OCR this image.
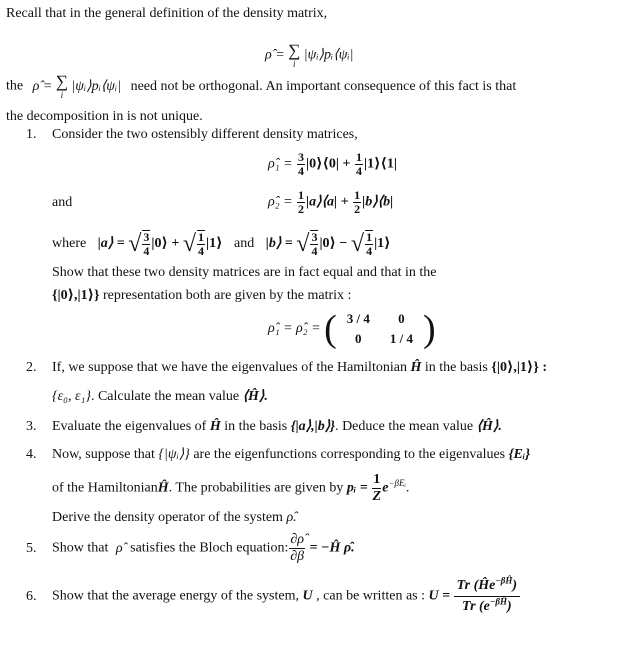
Recall that in the general definition of the density matrix,
ρ̂ = ∑
i
|ψᵢ⟩pᵢ⟨ψᵢ|
the ρ̂ = ∑
i
|ψᵢ⟩pᵢ⟨ψᵢ| need not be orthogonal. An important consequence of this fact is that
the decomposition in is not unique.
1. Consider the two ostensibly different density matrices,
ρ̂₁ = $\frac{3}{4}$ |0⟩⟨0| + $\frac{1}{4}$ |1⟩⟨1|
and	ρ̂₂ = $\frac{1}{2}$ |a⟩⟨a| + $\frac{1}{2}$ |b⟩⟨b|
where |a⟩ = √ $\frac{3}{4}$ |0⟩ + √ $\frac{1}{4}$ |1⟩ and |b⟩ = √ $\frac{3}{4}$ |0⟩ − √ $\frac{1}{4}$ |1⟩
Show that these two density matrices are in fact equal and that in the
{|0⟩,|1⟩} representation both are given by the matrix :
ρ̂₁ = ρ̂₂ = ( 3 / 4	0
0	1 / 4 )
2. If, we suppose that we have the eigenvalues of the Hamiltonian Ĥ in the basis {|0⟩,|1⟩} :
{ε₀, ε₁}. Calculate the mean value ⟨Ĥ⟩.
3. Evaluate the eigenvalues of Ĥ in the basis {|a⟩,|b⟩}. Deduce the mean value ⟨Ĥ⟩.
4. Now, suppose that {|ψᵢ⟩} are the eigenfunctions corresponding to the eigenvalues {Eᵢ}
of the HamiltonianĤ. The probabilities are given by pᵢ = $\frac{1}{Z} e^{-\beta Eᵢ}$.
Derive the density operator of the system ρ̂.
5. Show that ρ̂ satisfies the Bloch equation: $\frac{\partial\rhô}{\partial\beta}$ = −Ĥ ρ̂.
6. Show that the average energy of the system, U , can be written as : $U = \frac{Tr (Ĥe^{-\beta Ĥ})}{Tr (e^{-\beta Ĥ})}$
